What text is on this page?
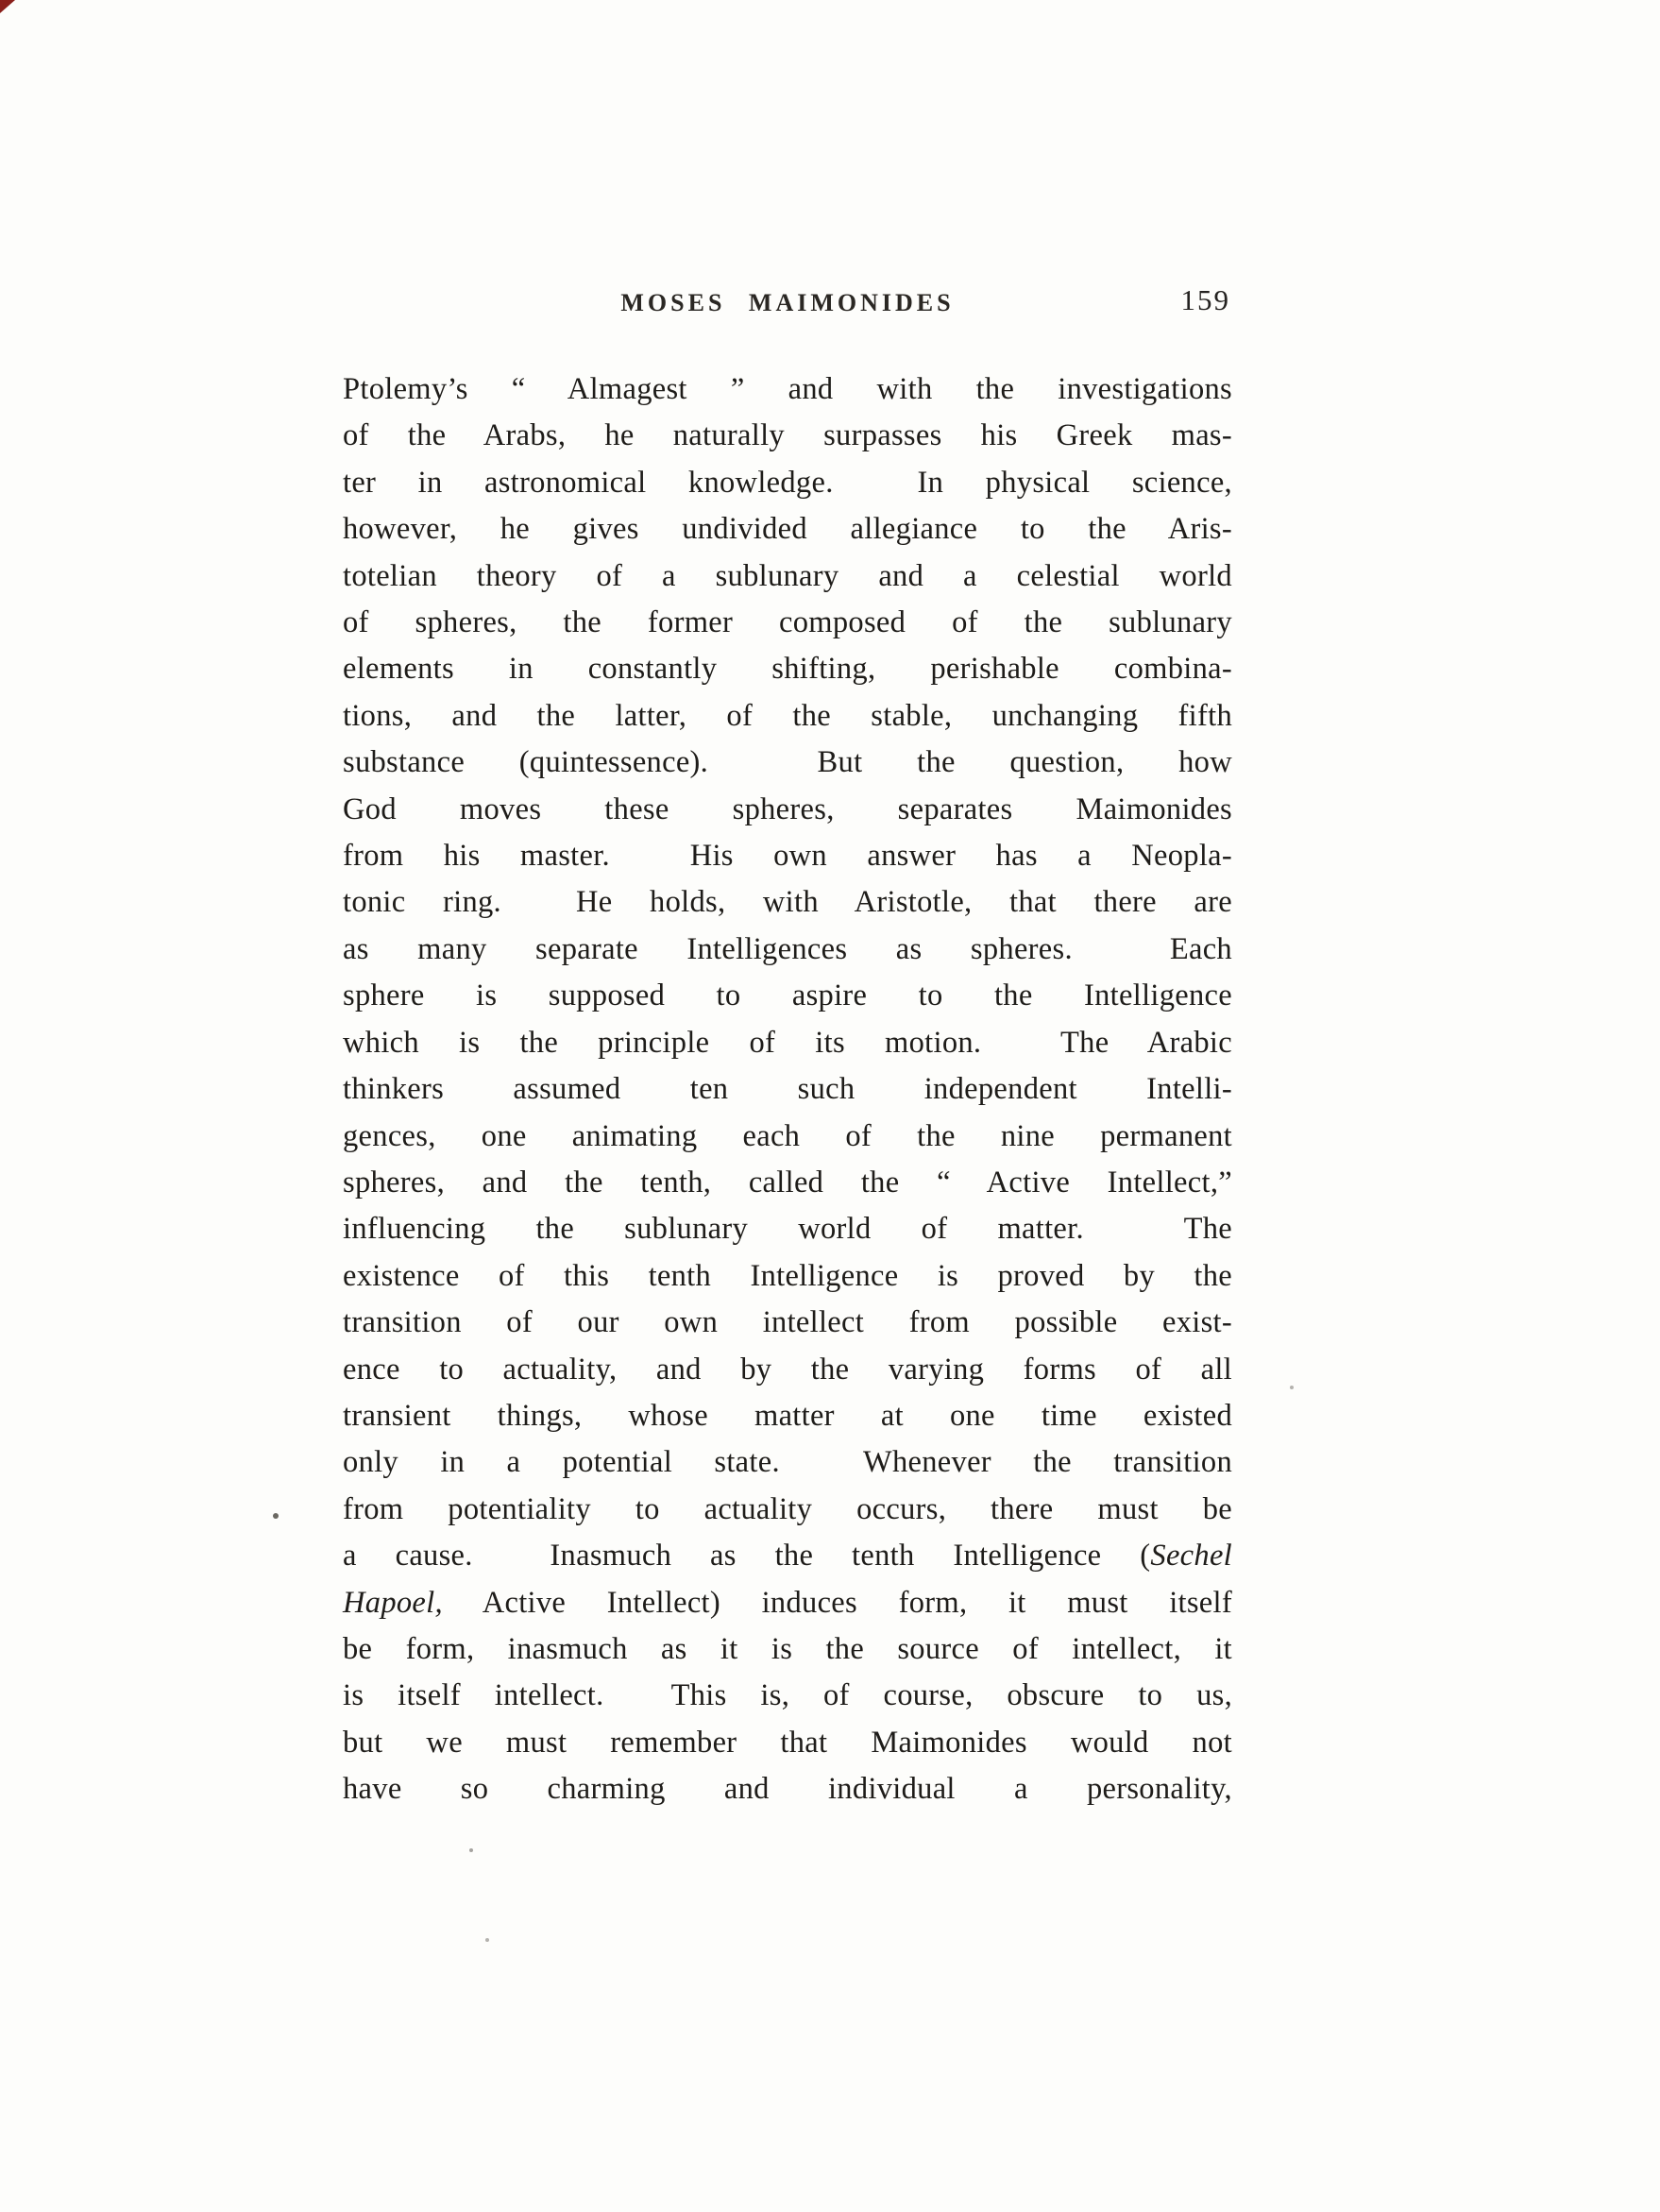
MOSES MAIMONIDES	159
Ptolemy’s “ Almagest ” and with the investigations
of the Arabs, he naturally surpasses his Greek mas-
ter in astronomical knowledge.  In physical science,
however, he gives undivided allegiance to the Aris-
totelian theory of a sublunary and a celestial world
of spheres, the former composed of the sublunary
elements in constantly shifting, perishable combina-
tions, and the latter, of the stable, unchanging fifth
substance (quintessence).  But the question, how
God moves these spheres, separates Maimonides
from his master.  His own answer has a Neopla-
tonic ring.  He holds, with Aristotle, that there are
as many separate Intelligences as spheres.  Each
sphere is supposed to aspire to the Intelligence
which is the principle of its motion.  The Arabic
thinkers assumed ten such independent Intelli-
gences, one animating each of the nine permanent
spheres, and the tenth, called the “ Active Intellect,”
influencing the sublunary world of matter.  The
existence of this tenth Intelligence is proved by the
transition of our own intellect from possible exist-
ence to actuality, and by the varying forms of all
transient things, whose matter at one time existed
only in a potential state.  Whenever the transition
from potentiality to actuality occurs, there must be
a cause.  Inasmuch as the tenth Intelligence (Sechel
Hapoel, Active Intellect) induces form, it must itself
be form, inasmuch as it is the source of intellect, it
is itself intellect.  This is, of course, obscure to us,
but we must remember that Maimonides would not
have so charming and individual a personality,
